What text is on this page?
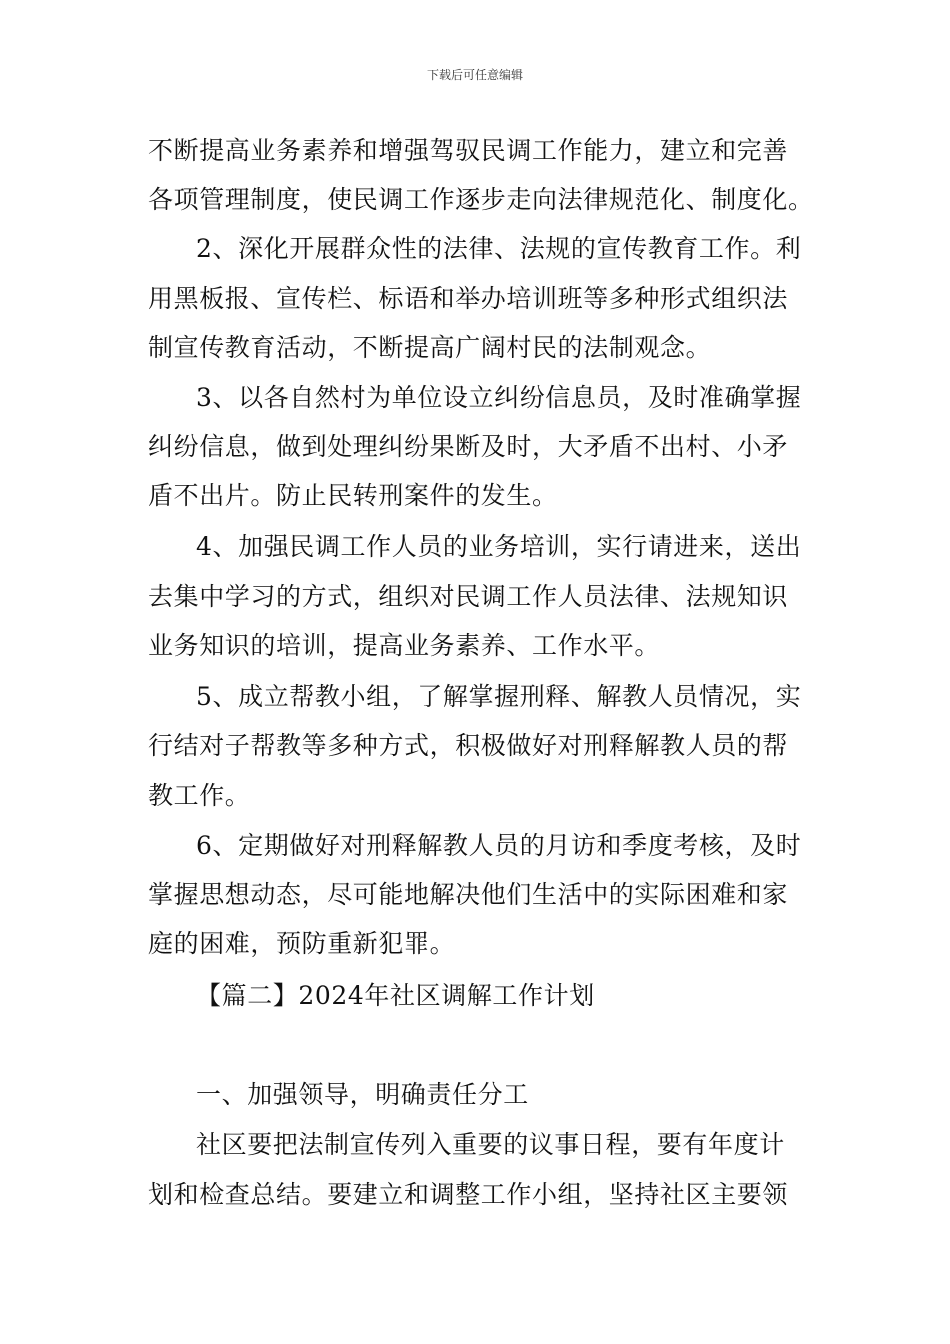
下载后可任意编辑
不断提高业务素养和增强驾驭民调工作能力，建立和完善
各项管理制度，使民调工作逐步走向法律规范化、制度化。
2、深化开展群众性的法律、法规的宣传教育工作。利
用黑板报、宣传栏、标语和举办培训班等多种形式组织法
制宣传教育活动，不断提高广阔村民的法制观念。
3、以各自然村为单位设立纠纷信息员，及时准确掌握
纠纷信息，做到处理纠纷果断及时，大矛盾不出村、小矛
盾不出片。防止民转刑案件的发生。
4、加强民调工作人员的业务培训，实行请进来，送出
去集中学习的方式，组织对民调工作人员法律、法规知识
业务知识的培训，提高业务素养、工作水平。
5、成立帮教小组，了解掌握刑释、解教人员情况，实
行结对子帮教等多种方式，积极做好对刑释解教人员的帮
教工作。
6、定期做好对刑释解教人员的月访和季度考核，及时
掌握思想动态，尽可能地解决他们生活中的实际困难和家
庭的困难，预防重新犯罪。
【篇二】2024年社区调解工作计划
一、加强领导，明确责任分工
社区要把法制宣传列入重要的议事日程，要有年度计
划和检查总结。要建立和调整工作小组，坚持社区主要领
